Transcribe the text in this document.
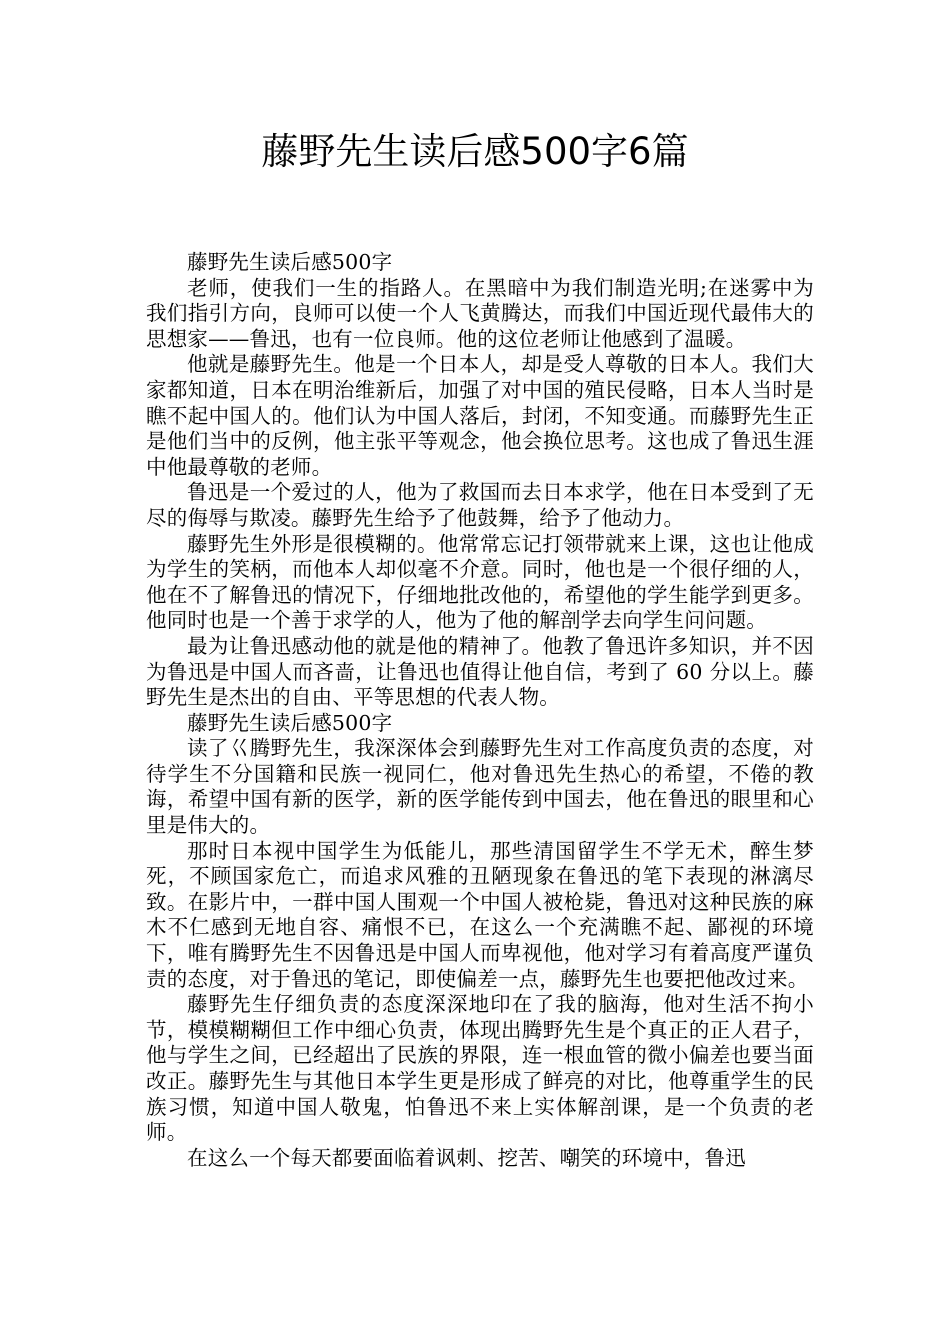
藤野先生读后感500字6篇

藤野先生读后感500字

老师，使我们一生的指路人。在黑暗中为我们制造光明;在迷雾中为我们指引方向，良师可以使一个人飞黄腾达，而我们中国近现代最伟大的思想家——鲁迅，也有一位良师。他的这位老师让他感到了温暖。

他就是藤野先生。他是一个日本人，却是受人尊敬的日本人。我们大家都知道，日本在明治维新后，加强了对中国的殖民侵略，日本人当时是瞧不起中国人的。他们认为中国人落后，封闭，不知变通。而藤野先生正是他们当中的反例，他主张平等观念，他会换位思考。这也成了鲁迅生涯中他最尊敬的老师。

鲁迅是一个爱过的人，他为了救国而去日本求学，他在日本受到了无尽的侮辱与欺凌。藤野先生给予了他鼓舞，给予了他动力。

藤野先生外形是很模糊的。他常常忘记打领带就来上课，这也让他成为学生的笑柄，而他本人却似毫不介意。同时，他也是一个很仔细的人，他在不了解鲁迅的情况下，仔细地批改他的，希望他的学生能学到更多。他同时也是一个善于求学的人，他为了他的解剖学去向学生问问题。

最为让鲁迅感动他的就是他的精神了。他教了鲁迅许多知识，并不因为鲁迅是中国人而吝啬，让鲁迅也值得让他自信，考到了 60 分以上。藤野先生是杰出的自由、平等思想的代表人物。

藤野先生读后感500字

读了巜腾野先生，我深深体会到藤野先生对工作高度负责的态度，对待学生不分国籍和民族一视同仁，他对鲁迅先生热心的希望，不倦的教诲，希望中国有新的医学，新的医学能传到中国去，他在鲁迅的眼里和心里是伟大的。

那时日本视中国学生为低能儿，那些清国留学生不学无术，醉生梦死，不顾国家危亡，而追求风雅的丑陋现象在鲁迅的笔下表现的淋漓尽致。在影片中，一群中国人围观一个中国人被枪毙，鲁迅对这种民族的麻木不仁感到无地自容、痛恨不已，在这么一个充满瞧不起、鄙视的环境下，唯有腾野先生不因鲁迅是中国人而卑视他，他对学习有着高度严谨负责的态度，对于鲁迅的笔记，即使偏差一点，藤野先生也要把他改过来。

藤野先生仔细负责的态度深深地印在了我的脑海，他对生活不拘小节，模模糊糊但工作中细心负责，体现出腾野先生是个真正的正人君子，他与学生之间，已经超出了民族的界限，连一根血管的微小偏差也要当面改正。藤野先生与其他日本学生更是形成了鲜亮的对比，他尊重学生的民族习惯，知道中国人敬鬼，怕鲁迅不来上实体解剖课，是一个负责的老师。

在这么一个每天都要面临着讽刺、挖苦、嘲笑的环境中，鲁迅
